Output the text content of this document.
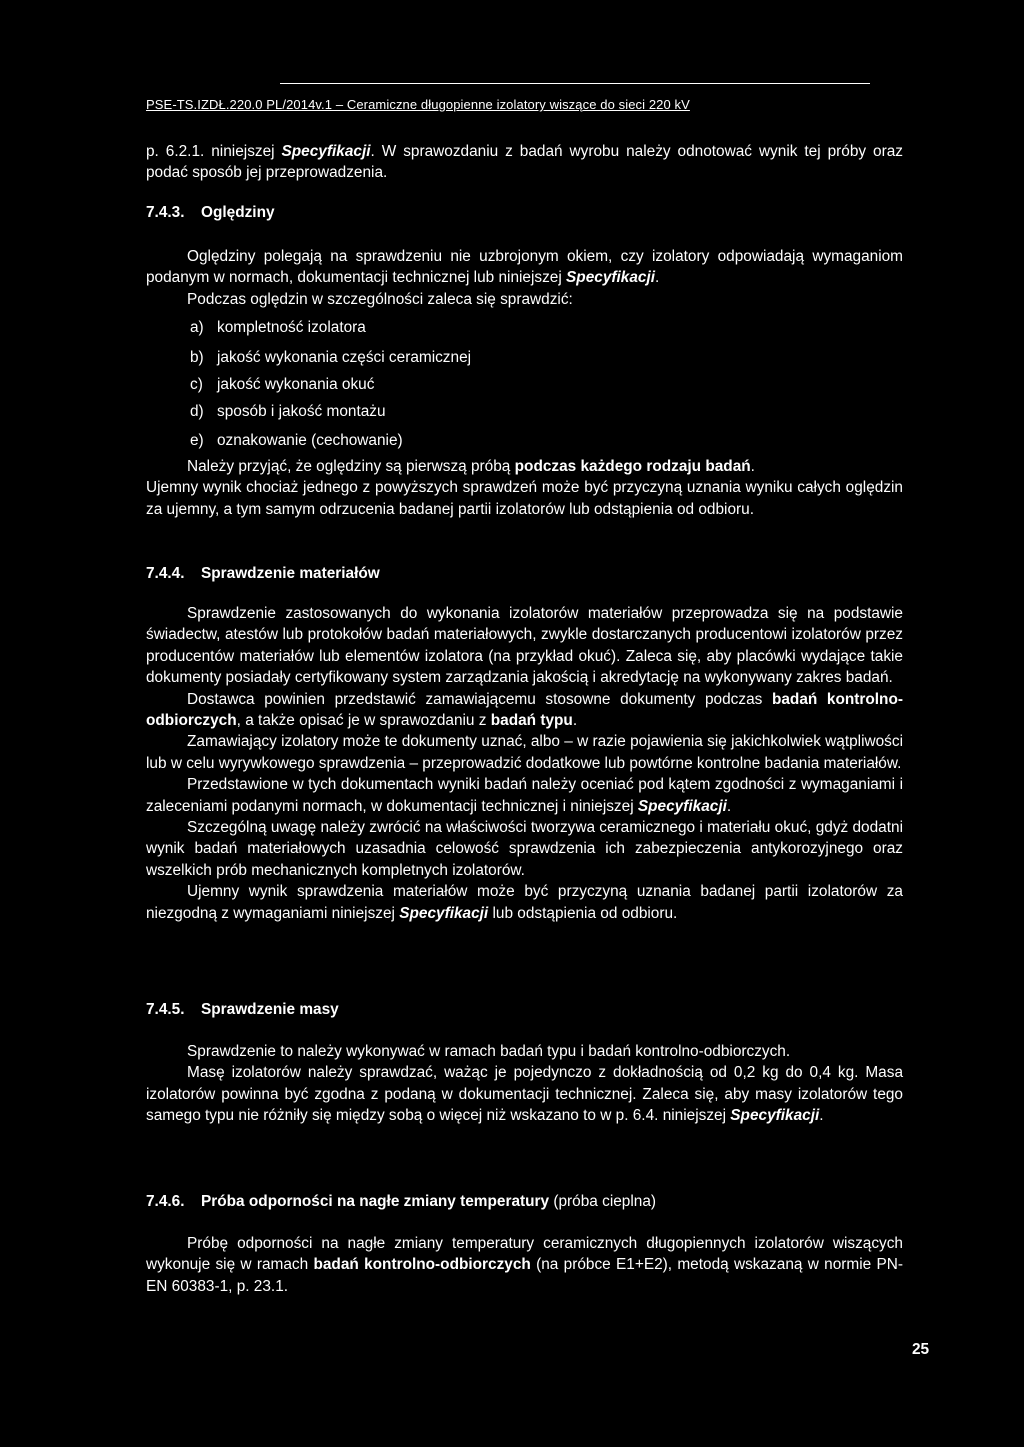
PSE-TS.IZDŁ.220.0 PL/2014v.1 – Ceramiczne długopienne izolatory wiszące do sieci 220 kV

p. 6.2.1. niniejszej Specyfikacji. W sprawozdaniu z badań wyrobu należy odnotować wynik tej próby oraz podać sposób jej przeprowadzenia.

7.4.3. Oględziny

Oględziny polegają na sprawdzeniu nie uzbrojonym okiem, czy izolatory odpowiadają wymaganiom podanym w normach, dokumentacji technicznej lub niniejszej Specyfikacji.

Podczas oględzin w szczególności zaleca się sprawdzić:

a) kompletność izolatora
b) jakość wykonania części ceramicznej
c) jakość wykonania okuć
d) sposób i jakość montażu
e) oznakowanie (cechowanie)

Należy przyjąć, że oględziny są pierwszą próbą podczas każdego rodzaju badań.

Ujemny wynik chociaż jednego z powyższych sprawdzeń może być przyczyną uznania wyniku całych oględzin za ujemny, a tym samym odrzucenia badanej partii izolatorów lub odstąpienia od odbioru.

7.4.4. Sprawdzenie materiałów

Sprawdzenie zastosowanych do wykonania izolatorów materiałów przeprowadza się na podstawie świadectw, atestów lub protokołów badań materiałowych, zwykle dostarczanych producentowi izolatorów przez producentów materiałów lub elementów izolatora (na przykład okuć). Zaleca się, aby placówki wydające takie dokumenty posiadały certyfikowany system zarządzania jakością i akredytację na wykonywany zakres badań.

Dostawca powinien przedstawić zamawiającemu stosowne dokumenty podczas badań kontrolno-odbiorczych, a także opisać je w sprawozdaniu z badań typu.

Zamawiający izolatory może te dokumenty uznać, albo – w razie pojawienia się jakichkolwiek wątpliwości lub w celu wyrywkowego sprawdzenia – przeprowadzić dodatkowe lub powtórne kontrolne badania materiałów.

Przedstawione w tych dokumentach wyniki badań należy oceniać pod kątem zgodności z wymaganiami i zaleceniami podanymi normach, w dokumentacji technicznej i niniejszej Specyfikacji.

Szczególną uwagę należy zwrócić na właściwości tworzywa ceramicznego i materiału okuć, gdyż dodatni wynik badań materiałowych uzasadnia celowość sprawdzenia ich zabezpieczenia antykorozyjnego oraz wszelkich prób mechanicznych kompletnych izolatorów.

Ujemny wynik sprawdzenia materiałów może być przyczyną uznania badanej partii izolatorów za niezgodną z wymaganiami niniejszej Specyfikacji lub odstąpienia od odbioru.

7.4.5. Sprawdzenie masy

Sprawdzenie to należy wykonywać w ramach badań typu i badań kontrolno-odbiorczych.

Masę izolatorów należy sprawdzać, ważąc je pojedynczo z dokładnością od 0,2 kg do 0,4 kg. Masa izolatorów powinna być zgodna z podaną w dokumentacji technicznej. Zaleca się, aby masy izolatorów tego samego typu nie różniły się między sobą o więcej niż wskazano to w p. 6.4. niniejszej Specyfikacji.

7.4.6. Próba odporności na nagłe zmiany temperatury (próba cieplna)

Próbę odporności na nagłe zmiany temperatury ceramicznych długopiennych izolatorów wiszących wykonuje się w ramach badań kontrolno-odbiorczych (na próbce E1+E2), metodą wskazaną w normie PN-EN 60383-1, p. 23.1.

25
